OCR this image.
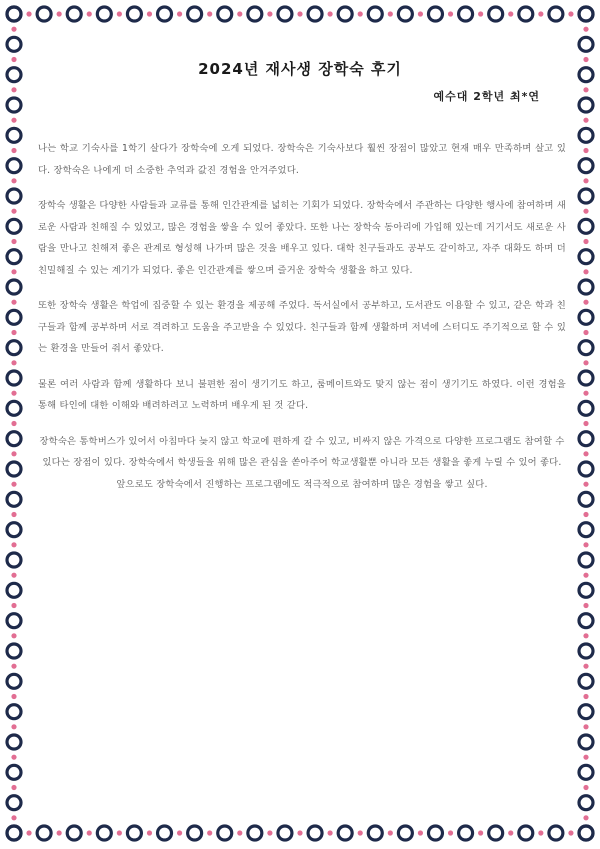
2024년 재사생 장학숙 후기
예수대 2학년 최*연

나는 학교 기숙사를 1학기 살다가 장학숙에 오게 되었다. 장학숙은 기숙사보다 훨씬 장점이 많았고 현재 매우 만족하며 살고 있다. 장학숙은 나에게 더 소중한 추억과 값진 경험을 안겨주었다.

장학숙 생활은 다양한 사람들과 교류를 통해 인간관계를 넓히는 기회가 되었다. 장학숙에서 주관하는 다양한 행사에 참여하며 새로운 사람과 친해질 수 있었고, 많은 경험을 쌓을 수 있어 좋았다. 또한 나는 장학숙 동아리에 가입해 있는데 거기서도 새로운 사람을 만나고 친해져 좋은 관계로 형성해 나가며 많은 것을 배우고 있다. 대학 친구들과도 공부도 같이하고, 자주 대화도 하며 더 친밀해질 수 있는 계기가 되었다. 좋은 인간관계를 쌓으며 즐거운 장학숙 생활을 하고 있다.

또한 장학숙 생활은 학업에 집중할 수 있는 환경을 제공해 주었다. 독서실에서 공부하고, 도서관도 이용할 수 있고, 같은 학과 친구들과 함께 공부하며 서로 격려하고 도움을 주고받을 수 있었다. 친구들과 함께 생활하며 저녁에 스터디도 주기적으로 할 수 있는 환경을 만들어 줘서 좋았다.

물론 여러 사람과 함께 생활하다 보니 불편한 점이 생기기도 하고, 룸메이트와도 맞지 않는 점이 생기기도 하였다. 이런 경험을 통해 타인에 대한 이해와 배려하려고 노력하며 배우게 된 것 같다.

장학숙은 통학버스가 있어서 아침마다 늦지 않고 학교에 편하게 갈 수 있고, 비싸지 않은 가격으로 다양한 프로그램도 참여할 수 있다는 장점이 있다. 장학숙에서 학생들을 위해 많은 관심을 쏟아주어 학교생활뿐 아니라 모든 생활을 좋게 누릴 수 있어 좋다. 앞으로도 장학숙에서 진행하는 프로그램에도 적극적으로 참여하며 많은 경험을 쌓고 싶다.
